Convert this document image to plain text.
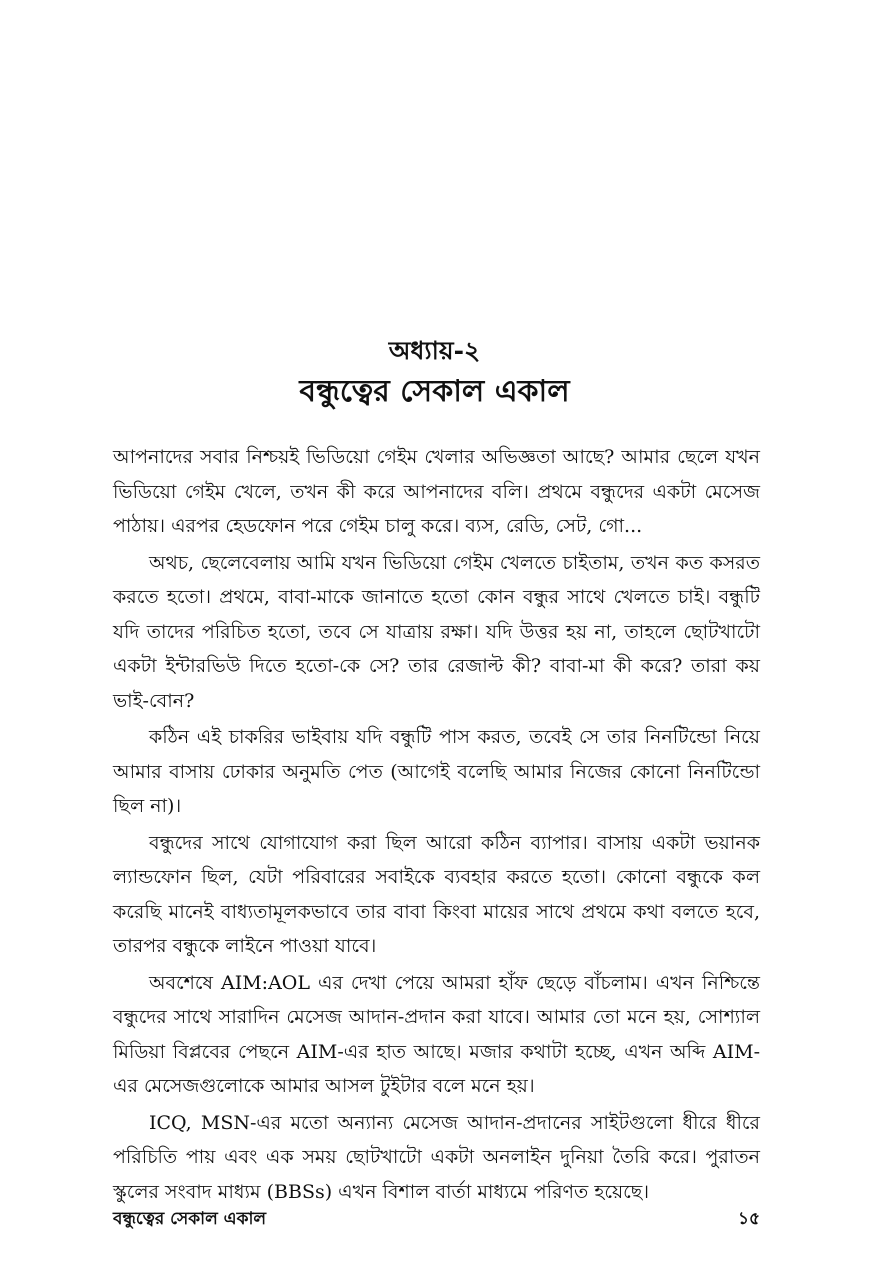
অধ্যায়-২
বন্ধুত্বের সেকাল একাল

আপনাদের সবার নিশ্চয়ই ভিডিয়ো গেইম খেলার অভিজ্ঞতা আছে? আমার ছেলে যখন ভিডিয়ো গেইম খেলে, তখন কী করে আপনাদের বলি। প্রথমে বন্ধুদের একটা মেসেজ পাঠায়। এরপর হেডফোন পরে গেইম চালু করে। ব্যস, রেডি, সেট, গো...

অথচ, ছেলেবেলায় আমি যখন ভিডিয়ো গেইম খেলতে চাইতাম, তখন কত কসরত করতে হতো। প্রথমে, বাবা-মাকে জানাতে হতো কোন বন্ধুর সাথে খেলতে চাই। বন্ধুটি যদি তাদের পরিচিত হতো, তবে সে যাত্রায় রক্ষা। যদি উত্তর হয় না, তাহলে ছোটখাটো একটা ইন্টারভিউ দিতে হতো-কে সে? তার রেজাল্ট কী? বাবা-মা কী করে? তারা কয় ভাই-বোন?

কঠিন এই চাকরির ভাইবায় যদি বন্ধুটি পাস করত, তবেই সে তার নিনটিন্ডো নিয়ে আমার বাসায় ঢোকার অনুমতি পেত (আগেই বলেছি আমার নিজের কোনো নিনটিন্ডো ছিল না)।

বন্ধুদের সাথে যোগাযোগ করা ছিল আরো কঠিন ব্যাপার। বাসায় একটা ভয়ানক ল্যান্ডফোন ছিল, যেটা পরিবারের সবাইকে ব্যবহার করতে হতো। কোনো বন্ধুকে কল করেছি মানেই বাধ্যতামূলকভাবে তার বাবা কিংবা মায়ের সাথে প্রথমে কথা বলতে হবে, তারপর বন্ধুকে লাইনে পাওয়া যাবে।

অবশেষে AIM:AOL এর দেখা পেয়ে আমরা হাঁফ ছেড়ে বাঁচলাম। এখন নিশ্চিন্তে বন্ধুদের সাথে সারাদিন মেসেজ আদান-প্রদান করা যাবে। আমার তো মনে হয়, সোশ্যাল মিডিয়া বিপ্লবের পেছনে AIM-এর হাত আছে। মজার কথাটা হচ্ছে, এখন অব্দি AIM-এর মেসেজগুলোকে আমার আসল টুইটার বলে মনে হয়।

ICQ, MSN-এর মতো অন্যান্য মেসেজ আদান-প্রদানের সাইটগুলো ধীরে ধীরে পরিচিতি পায় এবং এক সময় ছোটখাটো একটা অনলাইন দুনিয়া তৈরি করে। পুরাতন স্কুলের সংবাদ মাধ্যম (BBSs) এখন বিশাল বার্তা মাধ্যমে পরিণত হয়েছে।

বন্ধুত্বের সেকাল একাল	১৫
